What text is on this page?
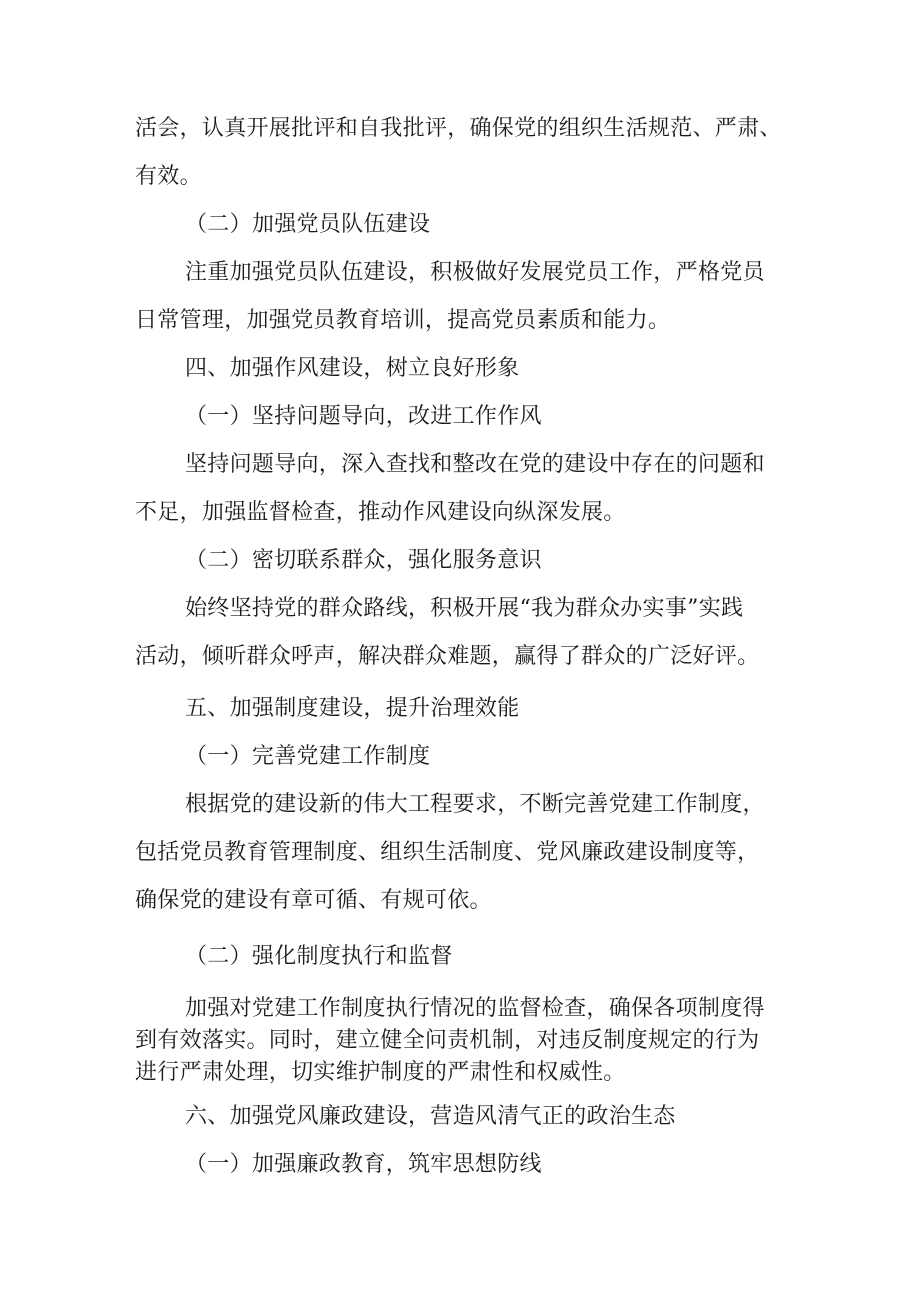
活会，认真开展批评和自我批评，确保党的组织生活规范、严肃、
有效。
（二）加强党员队伍建设
注重加强党员队伍建设，积极做好发展党员工作，严格党员
日常管理，加强党员教育培训，提高党员素质和能力。
四、加强作风建设，树立良好形象
（一）坚持问题导向，改进工作作风
坚持问题导向，深入查找和整改在党的建设中存在的问题和
不足，加强监督检查，推动作风建设向纵深发展。
（二）密切联系群众，强化服务意识
始终坚持党的群众路线，积极开展“我为群众办实事”实践
活动，倾听群众呼声，解决群众难题，赢得了群众的广泛好评。
五、加强制度建设，提升治理效能
（一）完善党建工作制度
根据党的建设新的伟大工程要求，不断完善党建工作制度，
包括党员教育管理制度、组织生活制度、党风廉政建设制度等，
确保党的建设有章可循、有规可依。
（二）强化制度执行和监督
加强对党建工作制度执行情况的监督检查，确保各项制度得
到有效落实。同时，建立健全问责机制，对违反制度规定的行为
进行严肃处理，切实维护制度的严肃性和权威性。
六、加强党风廉政建设，营造风清气正的政治生态
（一）加强廉政教育，筑牢思想防线
